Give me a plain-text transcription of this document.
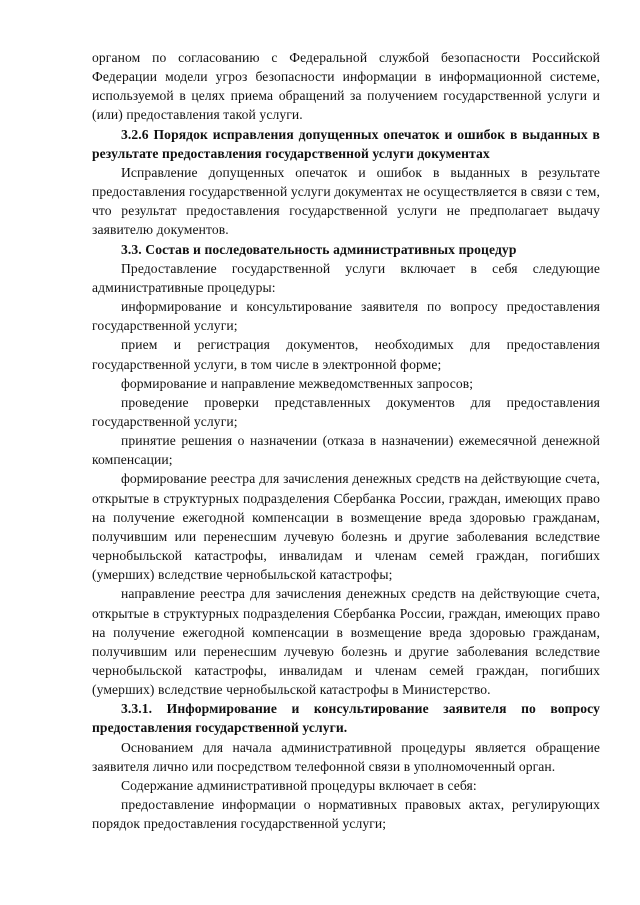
органом по согласованию с Федеральной службой безопасности Российской Федерации модели угроз безопасности информации в информационной системе, используемой в целях приема обращений за получением государственной услуги и (или) предоставления такой услуги.

3.2.6 Порядок исправления допущенных опечаток и ошибок в выданных в результате предоставления государственной услуги документах

Исправление допущенных опечаток и ошибок в выданных в результате предоставления государственной услуги документах не осуществляется в связи с тем, что результат предоставления государственной услуги не предполагает выдачу заявителю документов.

3.3. Состав и последовательность административных процедур

Предоставление государственной услуги включает в себя следующие административные процедуры:

информирование и консультирование заявителя по вопросу предоставления государственной услуги;

прием и регистрация документов, необходимых для предоставления государственной услуги, в том числе в электронной форме;

формирование и направление межведомственных запросов;

проведение проверки представленных документов для предоставления государственной услуги;

принятие решения о назначении (отказа в назначении) ежемесячной денежной компенсации;

формирование реестра для зачисления денежных средств на действующие счета, открытые в структурных подразделения Сбербанка России, граждан, имеющих право на получение ежегодной компенсации в возмещение вреда здоровью гражданам, получившим или перенесшим лучевую болезнь и другие заболевания вследствие чернобыльской катастрофы, инвалидам и членам семей граждан, погибших (умерших) вследствие чернобыльской катастрофы;

направление реестра для зачисления денежных средств на действующие счета, открытые в структурных подразделения Сбербанка России, граждан, имеющих право на получение ежегодной компенсации в возмещение вреда здоровью гражданам, получившим или перенесшим лучевую болезнь и другие заболевания вследствие чернобыльской катастрофы, инвалидам и членам семей граждан, погибших (умерших) вследствие чернобыльской катастрофы в Министерство.

3.3.1. Информирование и консультирование заявителя по вопросу предоставления государственной услуги.

Основанием для начала административной процедуры является обращение заявителя лично или посредством телефонной связи в уполномоченный орган.

Содержание административной процедуры включает в себя:

предоставление информации о нормативных правовых актах, регулирующих порядок предоставления государственной услуги;
